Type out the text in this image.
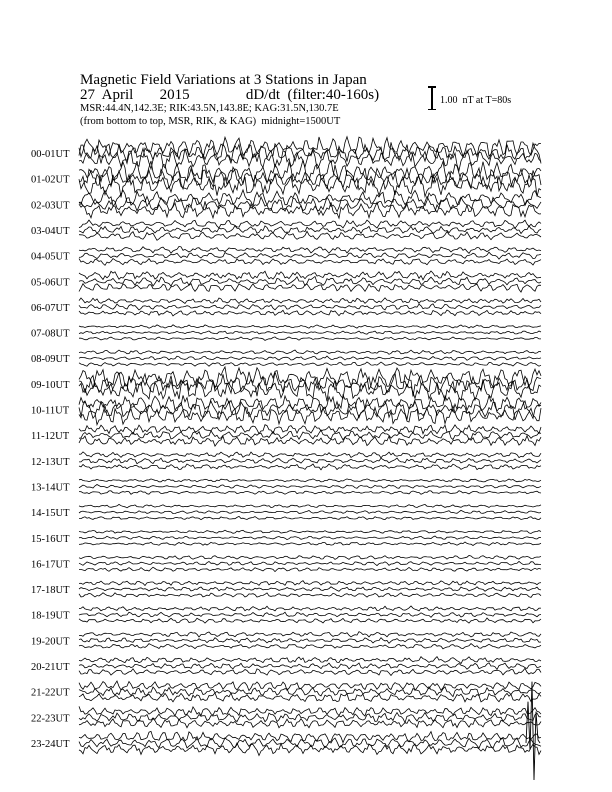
Magnetic Field Variations at 3 Stations in Japan

27  April       2015               dD/dt  (filter:40-160s)

MSR:44.4N,142.3E; RIK:43.5N,143.8E; KAG:31.5N,130.7E

(from bottom to top, MSR, RIK, & KAG)  midnight=1500UT

1.00  nT at T=80s
00-01UT
01-02UT
02-03UT
03-04UT
04-05UT
05-06UT
06-07UT
07-08UT
08-09UT
09-10UT
10-11UT
11-12UT
12-13UT
13-14UT
14-15UT
15-16UT
16-17UT
17-18UT
18-19UT
19-20UT
20-21UT
21-22UT
22-23UT
23-24UT
